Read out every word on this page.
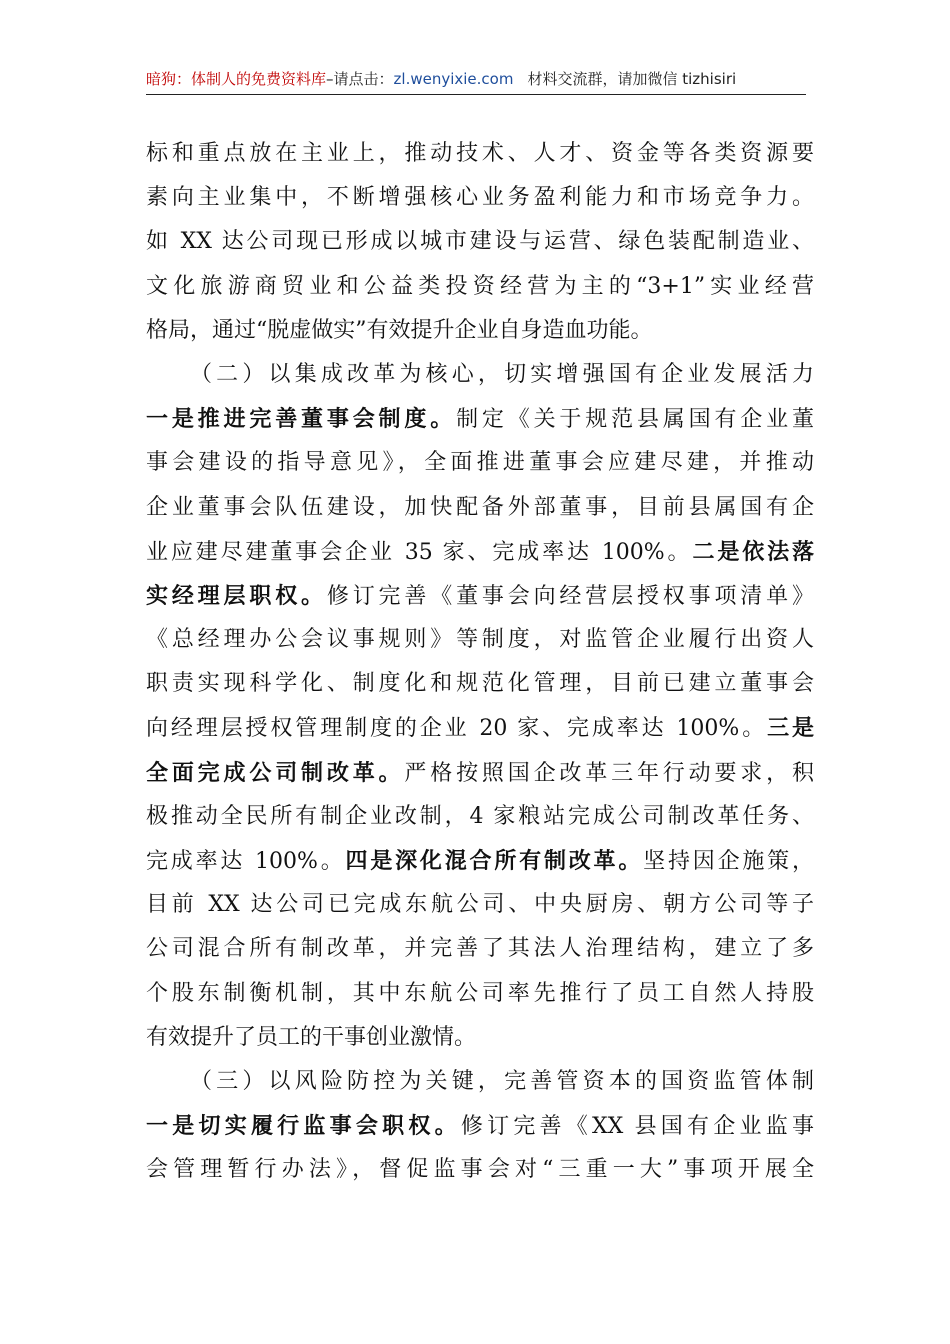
暗狗：体制人的免费资料库–请点击：zl.wenyixie.com 材料交流群，请加微信 tizhisiri
标和重点放在主业上，推动技术、人才、资金等各类资源要
素向主业集中，不断增强核心业务盈利能力和市场竞争力。
如 XX 达公司现已形成以城市建设与运营、绿色装配制造业、
文化旅游商贸业和公益类投资经营为主的“3+1”实业经营
格局，通过“脱虚做实”有效提升企业自身造血功能。
（二）以集成改革为核心，切实增强国有企业发展活力
一是推进完善董事会制度。制定《关于规范县属国有企业董
事会建设的指导意见》，全面推进董事会应建尽建，并推动
企业董事会队伍建设，加快配备外部董事，目前县属国有企
业应建尽建董事会企业 35 家、完成率达 100%。二是依法落
实经理层职权。修订完善《董事会向经营层授权事项清单》
《总经理办公会议事规则》等制度，对监管企业履行出资人
职责实现科学化、制度化和规范化管理，目前已建立董事会
向经理层授权管理制度的企业 20 家、完成率达 100%。三是
全面完成公司制改革。严格按照国企改革三年行动要求，积
极推动全民所有制企业改制，4 家粮站完成公司制改革任务、
完成率达 100%。四是深化混合所有制改革。坚持因企施策，
目前 XX 达公司已完成东航公司、中央厨房、朝方公司等子
公司混合所有制改革，并完善了其法人治理结构，建立了多
个股东制衡机制，其中东航公司率先推行了员工自然人持股
有效提升了员工的干事创业激情。
（三）以风险防控为关键，完善管资本的国资监管体制
一是切实履行监事会职权。修订完善《XX 县国有企业监事
会管理暂行办法》，督促监事会对“三重一大”事项开展全
